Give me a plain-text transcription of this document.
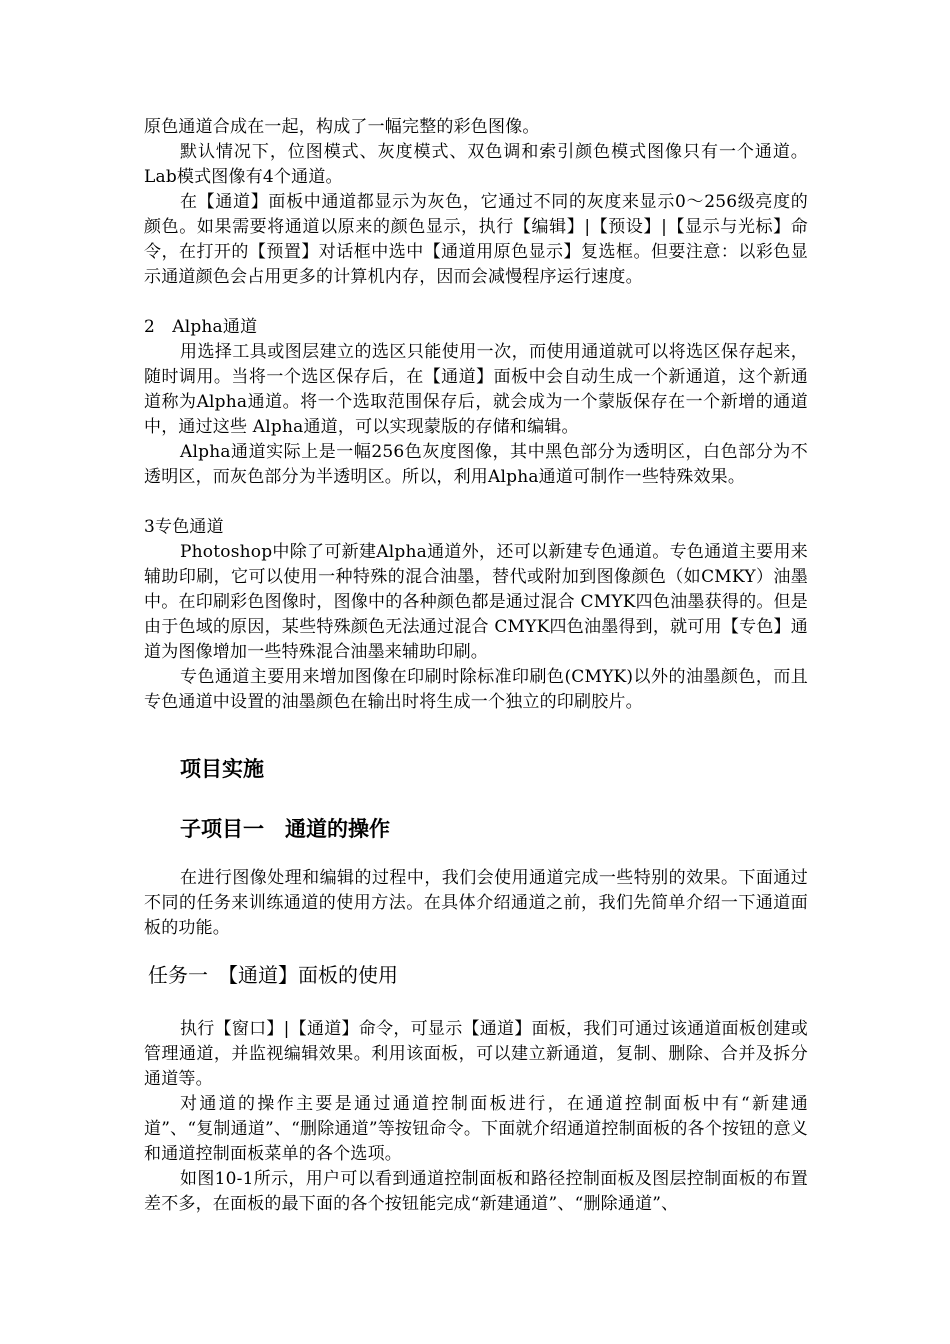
原色通道合成在一起，构成了一幅完整的彩色图像。

默认情况下，位图模式、灰度模式、双色调和索引颜色模式图像只有一个通道。Lab模式图像有4个通道。

在【通道】面板中通道都显示为灰色，它通过不同的灰度来显示0～256级亮度的颜色。如果需要将通道以原来的颜色显示，执行【编辑】|【预设】|【显示与光标】命令，在打开的【预置】对话框中选中【通道用原色显示】复选框。但要注意：以彩色显示通道颜色会占用更多的计算机内存，因而会减慢程序运行速度。

2　Alpha通道

用选择工具或图层建立的选区只能使用一次，而使用通道就可以将选区保存起来，随时调用。当将一个选区保存后，在【通道】面板中会自动生成一个新通道，这个新通道称为Alpha通道。将一个选取范围保存后，就会成为一个蒙版保存在一个新增的通道中，通过这些 Alpha通道，可以实现蒙版的存储和编辑。

Alpha通道实际上是一幅256色灰度图像，其中黑色部分为透明区，白色部分为不透明区，而灰色部分为半透明区。所以，利用Alpha通道可制作一些特殊效果。

3专色通道

Photoshop中除了可新建Alpha通道外，还可以新建专色通道。专色通道主要用来辅助印刷，它可以使用一种特殊的混合油墨，替代或附加到图像颜色（如CMKY）油墨中。在印刷彩色图像时，图像中的各种颜色都是通过混合 CMYK四色油墨获得的。但是由于色域的原因，某些特殊颜色无法通过混合 CMYK四色油墨得到，就可用【专色】通道为图像增加一些特殊混合油墨来辅助印刷。

专色通道主要用来增加图像在印刷时除标准印刷色(CMYK)以外的油墨颜色，而且专色通道中设置的油墨颜色在输出时将生成一个独立的印刷胶片。

项目实施
子项目一　通道的操作

在进行图像处理和编辑的过程中，我们会使用通道完成一些特别的效果。下面通过不同的任务来训练通道的使用方法。在具体介绍通道之前，我们先简单介绍一下通道面板的功能。

任务一　【通道】面板的使用

执行【窗口】|【通道】命令，可显示【通道】面板，我们可通过该通道面板创建或管理通道，并监视编辑效果。利用该面板，可以建立新通道，复制、删除、合并及拆分通道等。

对通道的操作主要是通过通道控制面板进行，在通道控制面板中有“新建通道”、“复制通道”、“删除通道”等按钮命令。下面就介绍通道控制面板的各个按钮的意义和通道控制面板菜单的各个选项。

如图10-1所示，用户可以看到通道控制面板和路径控制面板及图层控制面板的布置差不多，在面板的最下面的各个按钮能完成“新建通道”、“删除通道”、
